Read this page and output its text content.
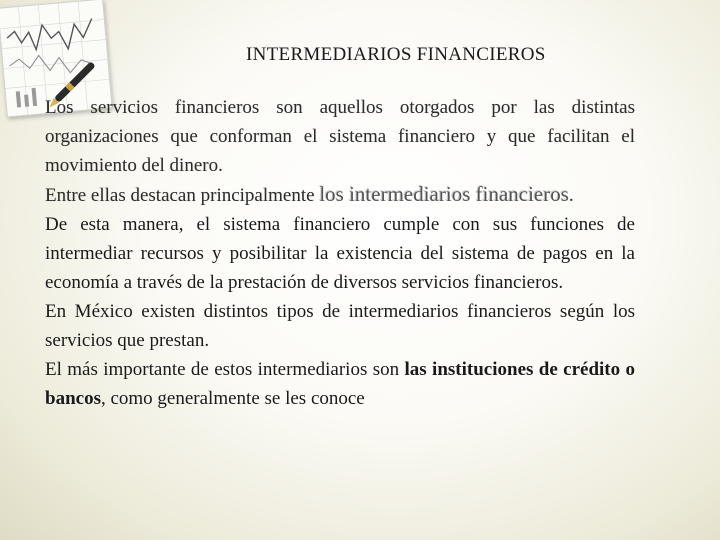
INTERMEDIARIOS FINANCIEROS

Los servicios financieros son aquellos otorgados por las distintas organizaciones que conforman el sistema financiero y que facilitan el movimiento del dinero.

Entre ellas destacan principalmente los intermediarios financieros.

De esta manera, el sistema financiero cumple con sus funciones de intermediar recursos y posibilitar la existencia del sistema de pagos en la economía a través de la prestación de diversos servicios financieros.

En México existen distintos tipos de intermediarios financieros según los servicios que prestan.

El más importante de estos intermediarios son las instituciones de crédito o bancos, como generalmente se les conoce
